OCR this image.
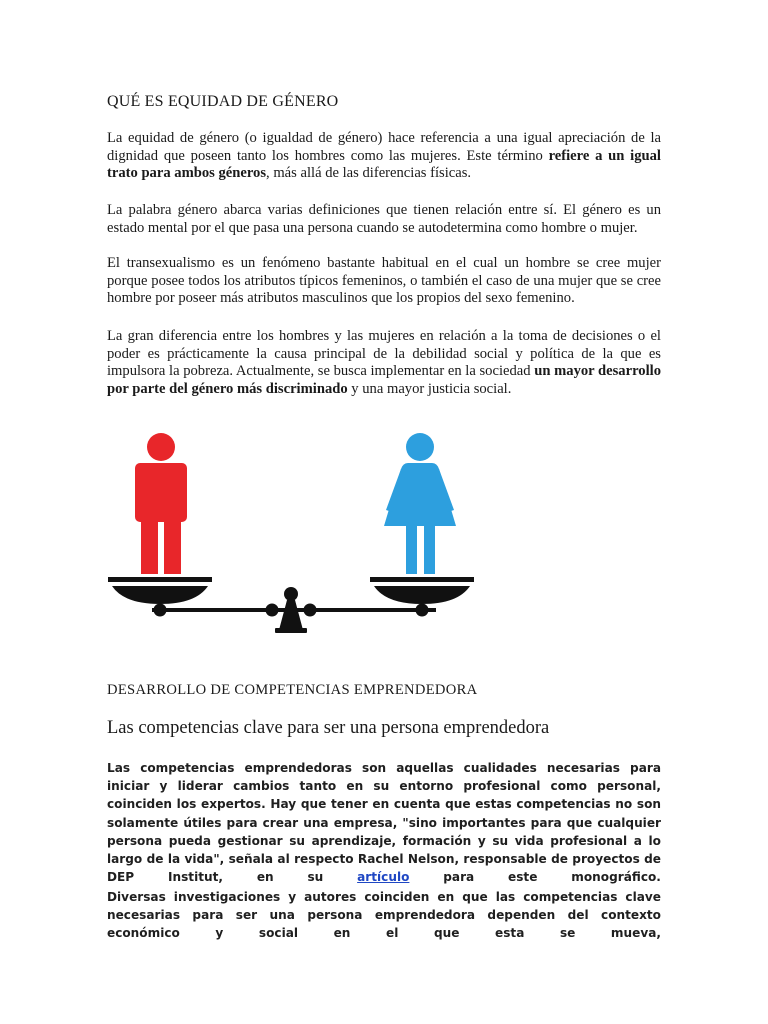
QUÉ ES EQUIDAD DE GÉNERO

La equidad de género (o igualdad de género) hace referencia a una igual apreciación de la dignidad que poseen tanto los hombres como las mujeres. Este término refiere a un igual trato para ambos géneros, más allá de las diferencias físicas.

La palabra género abarca varias definiciones que tienen relación entre sí. El género es un estado mental por el que pasa una persona cuando se autodetermina como hombre o mujer.

El transexualismo es un fenómeno bastante habitual en el cual un hombre se cree mujer porque posee todos los atributos típicos femeninos, o también el caso de una mujer que se cree hombre por poseer más atributos masculinos que los propios del sexo femenino.

La gran diferencia entre los hombres y las mujeres en relación a la toma de decisiones o el poder es prácticamente la causa principal de la debilidad social y política de la que es impulsora la pobreza. Actualmente, se busca implementar en la sociedad un mayor desarrollo por parte del género más discriminado y una mayor justicia social.

DESARROLLO DE COMPETENCIAS EMPRENDEDORA
Las competencias clave para ser una persona emprendedora
Las competencias emprendedoras son aquellas cualidades necesarias para iniciar y liderar cambios tanto en su entorno profesional como personal, coinciden los expertos. Hay que tener en cuenta que estas competencias no son solamente útiles para crear una empresa, "sino importantes para que cualquier persona pueda gestionar su aprendizaje, formación y su vida profesional a lo largo de la vida", señala al respecto Rachel Nelson, responsable de proyectos de
DEP	Institut,	en	su	artículo	para	este	monográfico.

Diversas investigaciones y autores coinciden en que las competencias clave necesarias para ser una persona emprendedora dependen del contexto económico y social en el que esta se mueva,
